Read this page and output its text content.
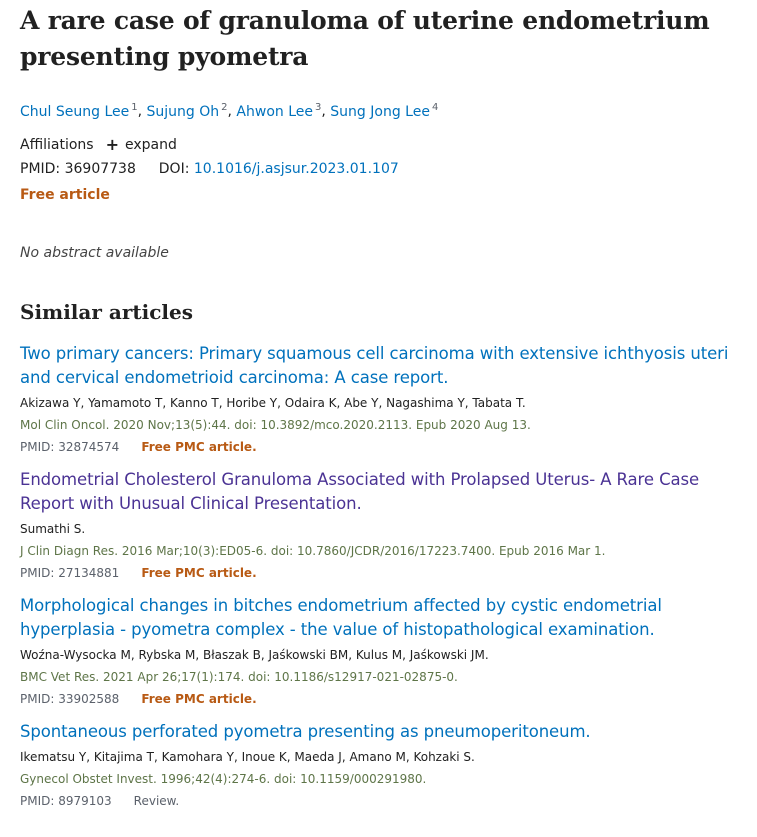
A rare case of granuloma of uterine endometrium presenting pyometra
Chul Seung Lee $^1$, Sujung Oh $^2$, Ahwon Lee $^3$, Sung Jong Lee $^4$
Affiliations + expand
PMID: 36907738 DOI: 10.1016/j.asjsur.2023.01.107
Free article
No abstract available
Similar articles
Two primary cancers: Primary squamous cell carcinoma with extensive ichthyosis uteri and cervical endometrioid carcinoma: A case report.
Akizawa Y, Yamamoto T, Kanno T, Horibe Y, Odaira K, Abe Y, Nagashima Y, Tabata T.
Mol Clin Oncol. 2020 Nov;13(5):44. doi: 10.3892/mco.2020.2113. Epub 2020 Aug 13.
PMID: 32874574 Free PMC article.
Endometrial Cholesterol Granuloma Associated with Prolapsed Uterus- A Rare Case Report with Unusual Clinical Presentation.
Sumathi S.
J Clin Diagn Res. 2016 Mar;10(3):ED05-6. doi: 10.7860/JCDR/2016/17223.7400. Epub 2016 Mar 1.
PMID: 27134881 Free PMC article.
Morphological changes in bitches endometrium affected by cystic endometrial hyperplasia - pyometra complex - the value of histopathological examination.
Woźna-Wysocka M, Rybska M, Błaszak B, Jaśkowski BM, Kulus M, Jaśkowski JM.
BMC Vet Res. 2021 Apr 26;17(1):174. doi: 10.1186/s12917-021-02875-0.
PMID: 33902588 Free PMC article.
Spontaneous perforated pyometra presenting as pneumoperitoneum.
Ikematsu Y, Kitajima T, Kamohara Y, Inoue K, Maeda J, Amano M, Kohzaki S.
Gynecol Obstet Invest. 1996;42(4):274-6. doi: 10.1159/000291980.
PMID: 8979103 Review.
